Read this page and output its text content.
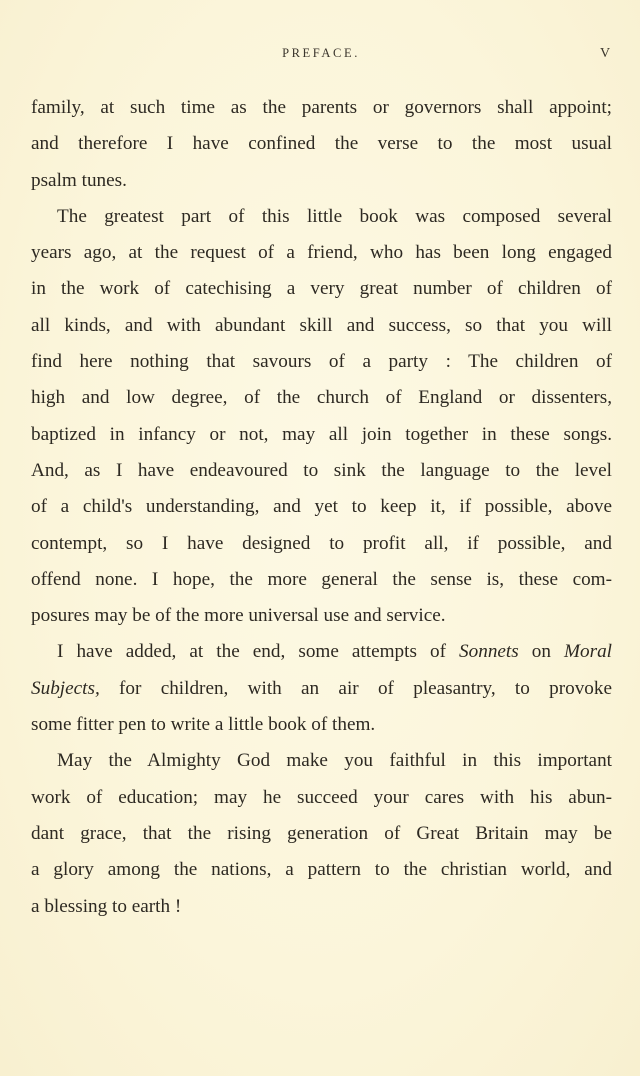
PREFACE.	V
family, at such time as the parents or governors shall appoint;
and therefore I have confined the verse to the most usual
psalm tunes.
The greatest part of this little book was composed several
years ago, at the request of a friend, who has been long engaged
in the work of catechising a very great number of children of
all kinds, and with abundant skill and success, so that you will
find here nothing that savours of a party : The children of
high and low degree, of the church of England or dissenters,
baptized in infancy or not, may all join together in these songs.
And, as I have endeavoured to sink the language to the level
of a child's understanding, and yet to keep it, if possible, above
contempt, so I have designed to profit all, if possible, and
offend none. I hope, the more general the sense is, these com-
posures may be of the more universal use and service.
I have added, at the end, some attempts of Sonnets on Moral
Subjects, for children, with an air of pleasantry, to provoke
some fitter pen to write a little book of them.
May the Almighty God make you faithful in this important
work of education; may he succeed your cares with his abun-
dant grace, that the rising generation of Great Britain may be
a glory among the nations, a pattern to the christian world, and
a blessing to earth !
